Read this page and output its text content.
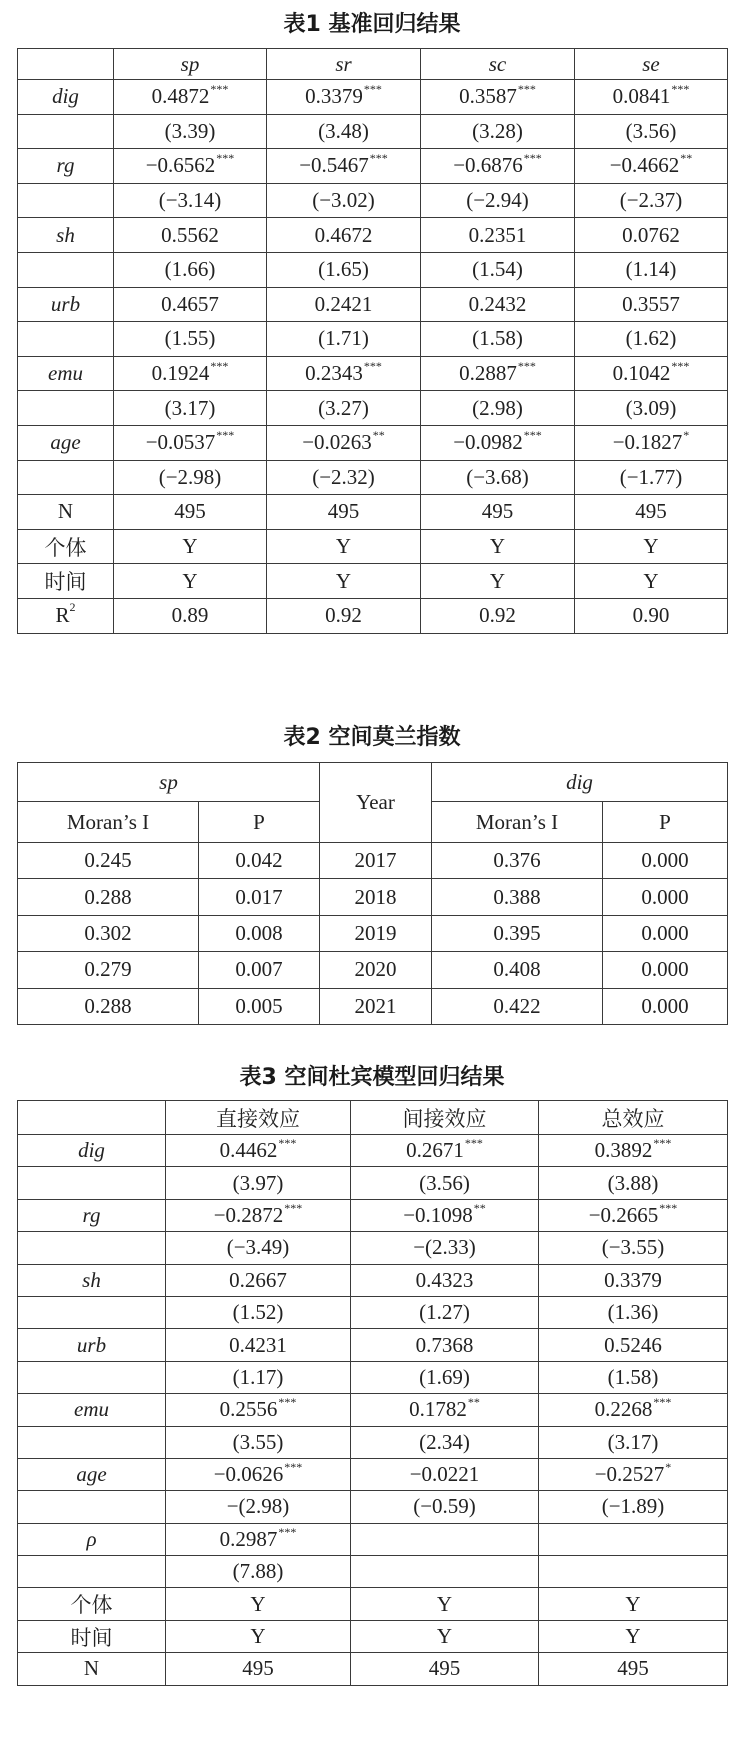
表1 基准回归结果
	sp	sr	sc	se
dig	0.4872***	0.3379***	0.3587***	0.0841***
	(3.39)	(3.48)	(3.28)	(3.56)
rg	−0.6562***	−0.5467***	−0.6876***	−0.4662**
	(−3.14)	(−3.02)	(−2.94)	(−2.37)
sh	0.5562	0.4672	0.2351	0.0762
	(1.66)	(1.65)	(1.54)	(1.14)
urb	0.4657	0.2421	0.2432	0.3557
	(1.55)	(1.71)	(1.58)	(1.62)
emu	0.1924***	0.2343***	0.2887***	0.1042***
	(3.17)	(3.27)	(2.98)	(3.09)
age	−0.0537***	−0.0263**	−0.0982***	−0.1827*
	(−2.98)	(−2.32)	(−3.68)	(−1.77)
N	495	495	495	495
个体	Y	Y	Y	Y
时间	Y	Y	Y	Y
$R^2$	0.89	0.92	0.92	0.90
表2 空间莫兰指数
sp		Year	dig	
Moran’s I	P		Moran’s I	P
0.245	0.042	2017	0.376	0.000
0.288	0.017	2018	0.388	0.000
0.302	0.008	2019	0.395	0.000
0.279	0.007	2020	0.408	0.000
0.288	0.005	2021	0.422	0.000
表3 空间杜宾模型回归结果
	直接效应	间接效应	总效应
dig	0.4462***	0.2671***	0.3892***
	(3.97)	(3.56)	(3.88)
rg	−0.2872***	−0.1098**	−0.2665***
	(−3.49)	−(2.33)	(−3.55)
sh	0.2667	0.4323	0.3379
	(1.52)	(1.27)	(1.36)
urb	0.4231	0.7368	0.5246
	(1.17)	(1.69)	(1.58)
emu	0.2556***	0.1782**	0.2268***
	(3.55)	(2.34)	(3.17)
age	−0.0626***	−0.0221	−0.2527*
	−(2.98)	(−0.59)	(−1.89)
ρ	0.2987***		
	(7.88)		
个体	Y	Y	Y
时间	Y	Y	Y
N	495	495	495
